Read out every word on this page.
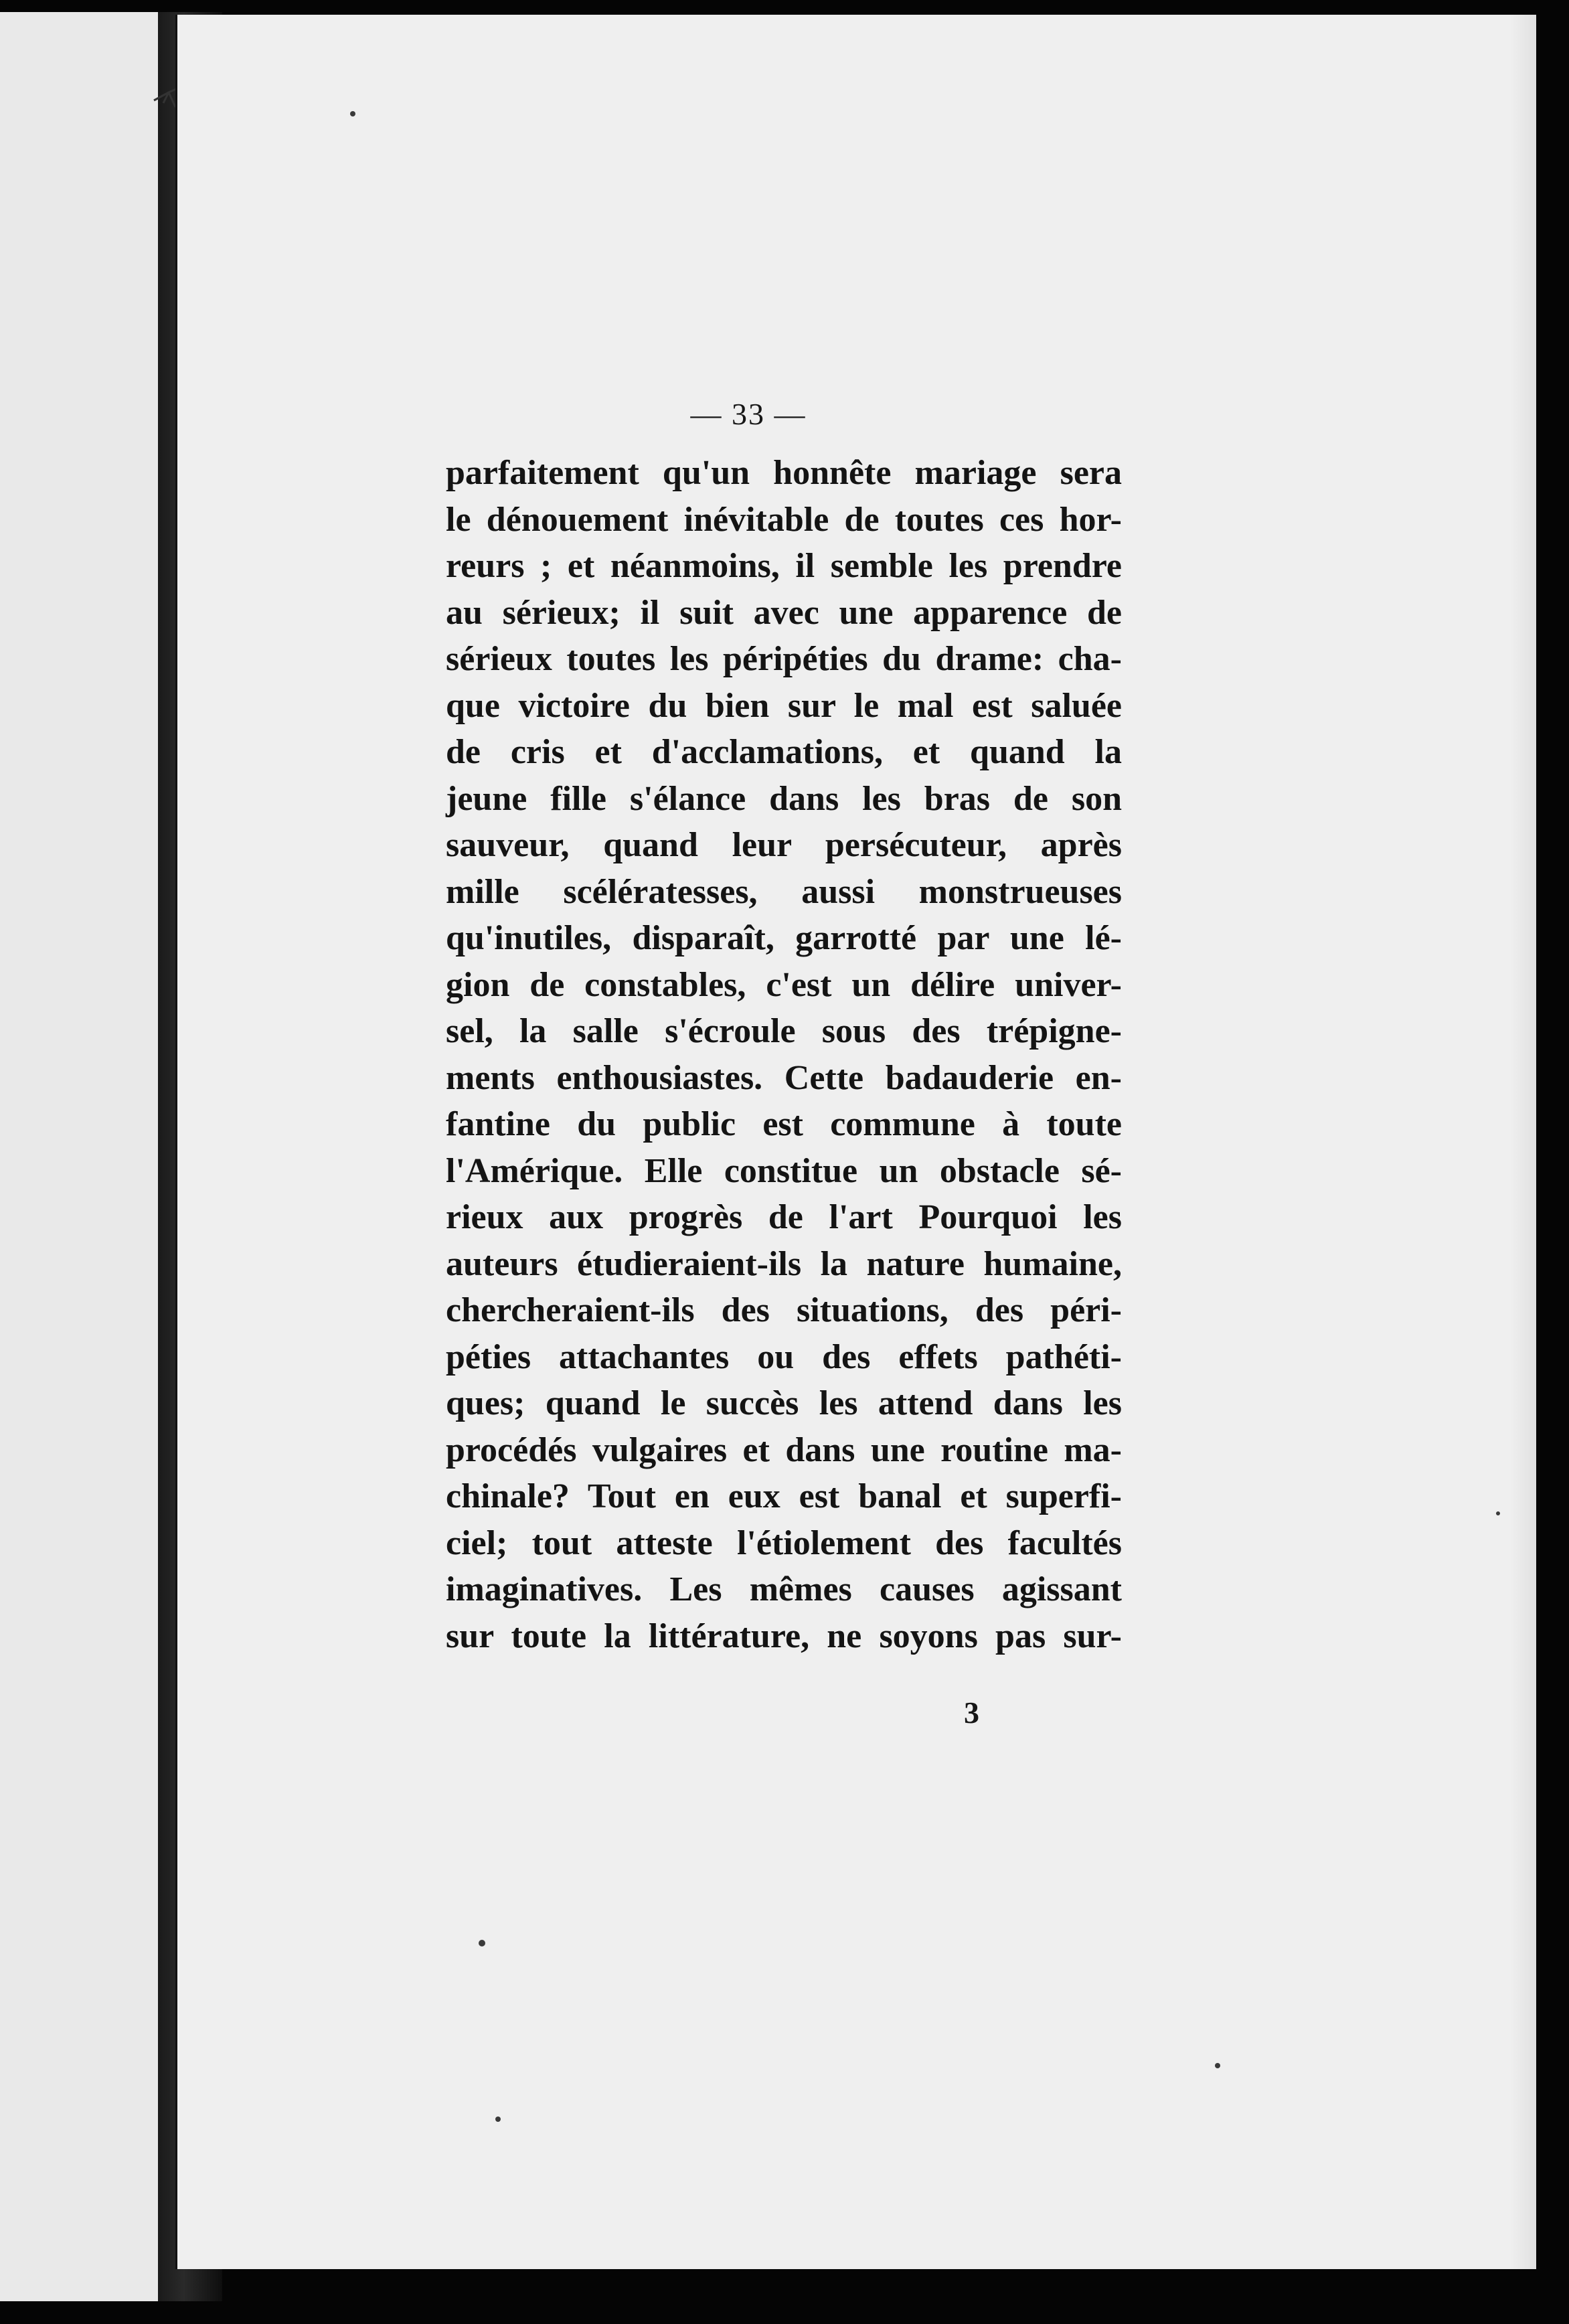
— 33 —
parfaitement qu'un honnête mariage sera
le dénouement inévitable de toutes ces hor-
reurs ; et néanmoins, il semble les prendre
au sérieux; il suit avec une apparence de
sérieux toutes les péripéties du drame: cha-
que victoire du bien sur le mal est saluée
de cris et d'acclamations, et quand la
jeune fille s'élance dans les bras de son
sauveur, quand leur persécuteur, après
mille scélératesses, aussi monstrueuses
qu'inutiles, disparaît, garrotté par une lé-
gion de constables, c'est un délire univer-
sel, la salle s'écroule sous des trépigne-
ments enthousiastes. Cette badauderie en-
fantine du public est commune à toute
l'Amérique. Elle constitue un obstacle sé-
rieux aux progrès de l'art Pourquoi les
auteurs étudieraient-ils la nature humaine,
chercheraient-ils des situations, des péri-
péties attachantes ou des effets pathéti-
ques; quand le succès les attend dans les
procédés vulgaires et dans une routine ma-
chinale? Tout en eux est banal et superfi-
ciel; tout atteste l'étiolement des facultés
imaginatives. Les mêmes causes agissant
sur toute la littérature, ne soyons pas sur-
3
